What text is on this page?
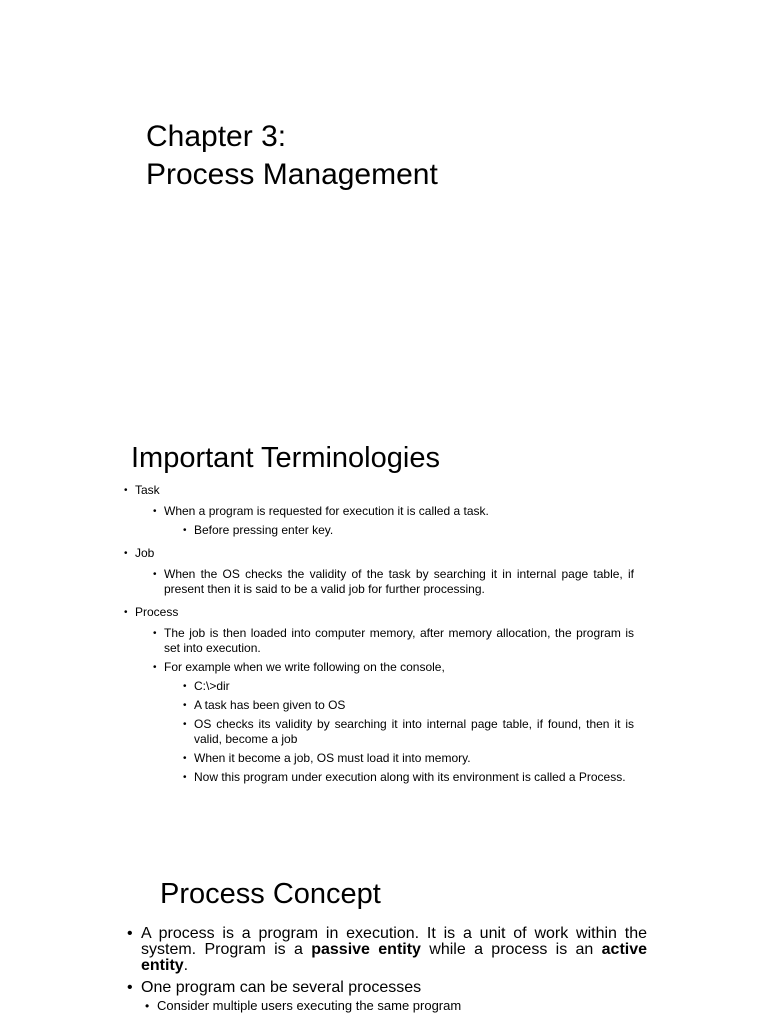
Chapter 3:
Process Management
Important Terminologies
• Task
• When a program is requested for execution it is called a task.
• Before pressing enter key.
• Job
• When the OS checks the validity of the task by searching it in internal page table, if present then it is said to be a valid job for further processing.
• Process
• The job is then loaded into computer memory, after memory allocation, the program is set into execution.
• For example when we write following on the console,
• C:\>dir
• A task has been given to OS
• OS checks its validity by searching it into internal page table, if found, then it is valid, become a job
• When it become a job, OS must load it into memory.
• Now this program under execution along with its environment is called a Process.
Process Concept
• A process is a program in execution. It is a unit of work within the system. Program is a passive entity while a process is an active entity.
• One program can be several processes
• Consider multiple users executing the same program
